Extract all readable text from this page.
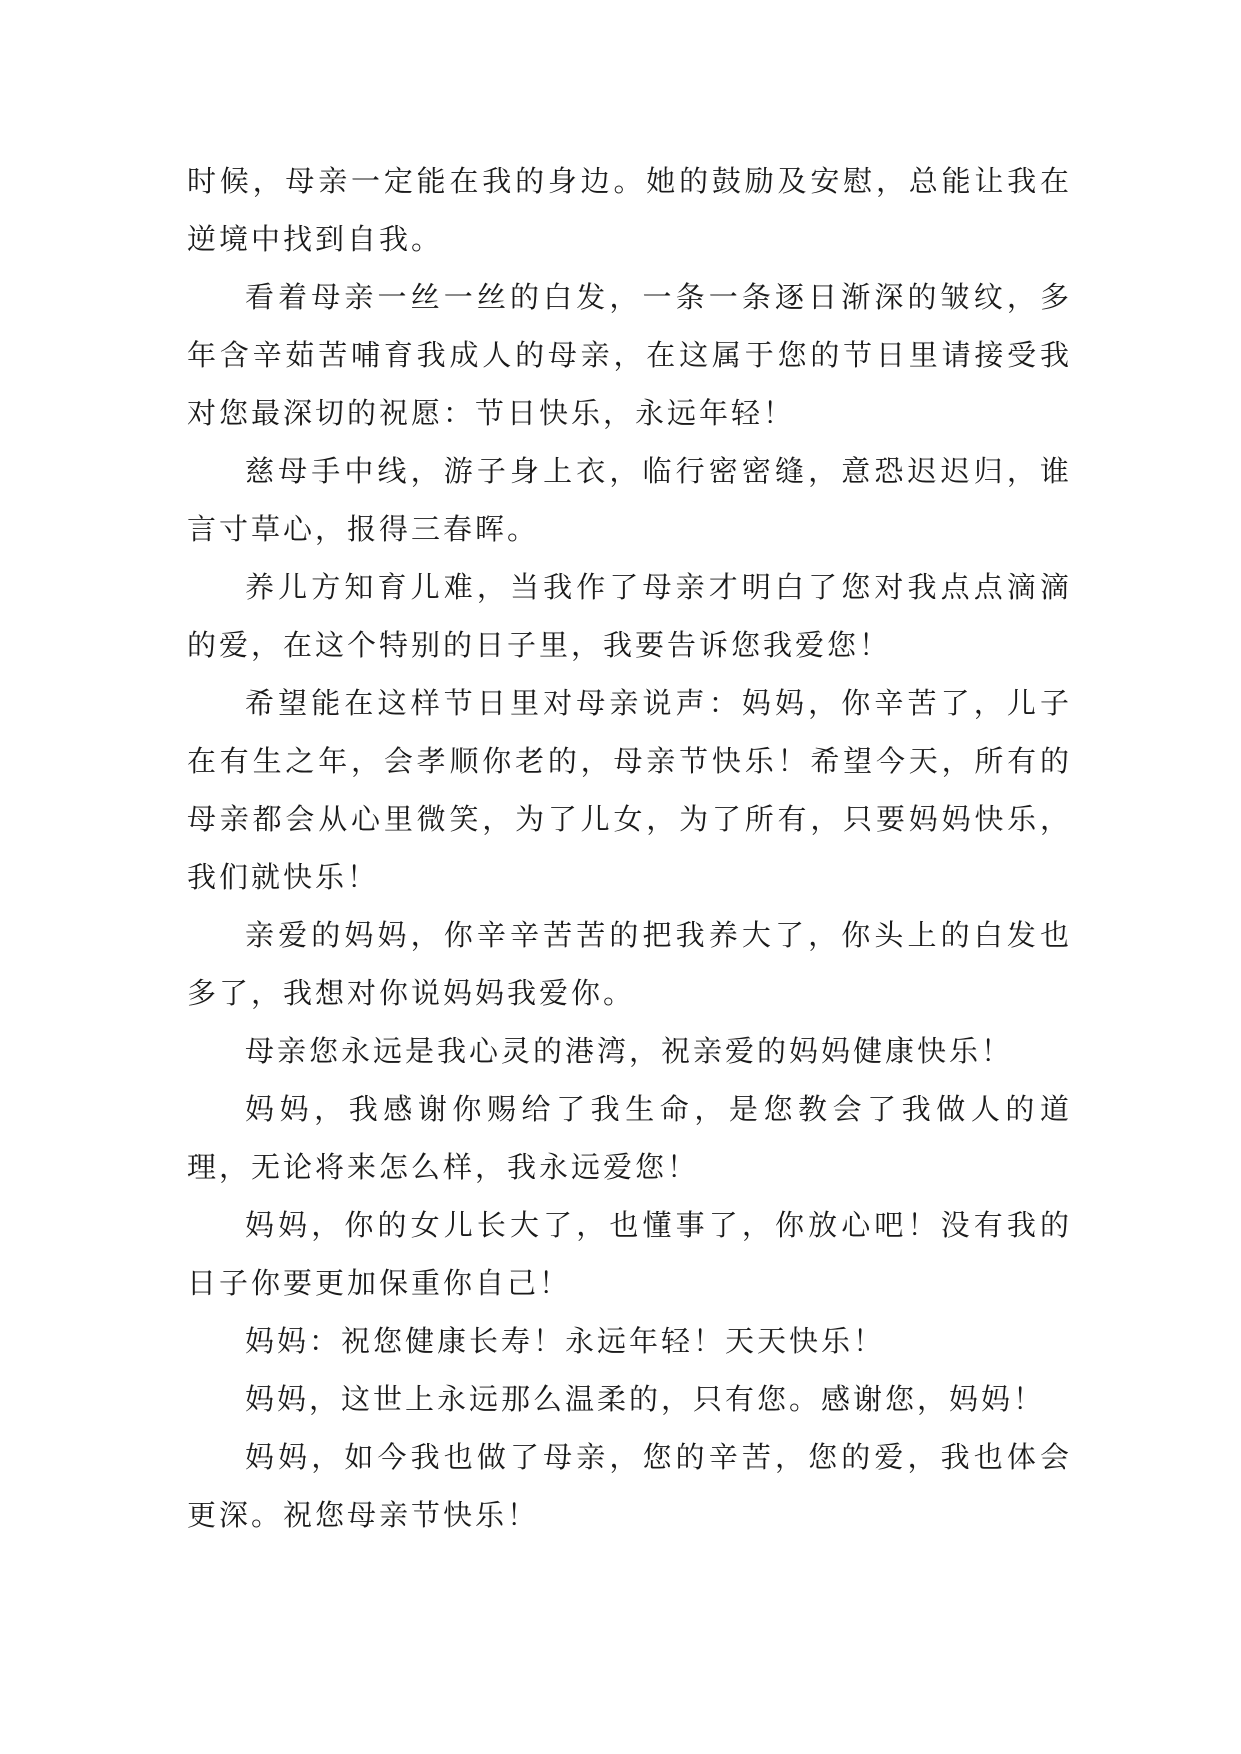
时候，母亲一定能在我的身边。她的鼓励及安慰，总能让我在逆境中找到自我。

看着母亲一丝一丝的白发，一条一条逐日渐深的皱纹，多年含辛茹苦哺育我成人的母亲，在这属于您的节日里请接受我对您最深切的祝愿：节日快乐，永远年轻！

慈母手中线，游子身上衣，临行密密缝，意恐迟迟归，谁言寸草心，报得三春晖。

养儿方知育儿难，当我作了母亲才明白了您对我点点滴滴的爱，在这个特别的日子里，我要告诉您我爱您！

希望能在这样节日里对母亲说声：妈妈，你辛苦了，儿子在有生之年，会孝顺你老的，母亲节快乐！希望今天，所有的母亲都会从心里微笑，为了儿女，为了所有，只要妈妈快乐，我们就快乐！

亲爱的妈妈，你辛辛苦苦的把我养大了，你头上的白发也多了，我想对你说妈妈我爱你。

母亲您永远是我心灵的港湾，祝亲爱的妈妈健康快乐！

妈妈，我感谢你赐给了我生命，是您教会了我做人的道理，无论将来怎么样，我永远爱您！

妈妈，你的女儿长大了，也懂事了，你放心吧！没有我的日子你要更加保重你自己！

妈妈：祝您健康长寿！永远年轻！天天快乐！

妈妈，这世上永远那么温柔的，只有您。感谢您，妈妈！

妈妈，如今我也做了母亲，您的辛苦，您的爱，我也体会更深。祝您母亲节快乐！
